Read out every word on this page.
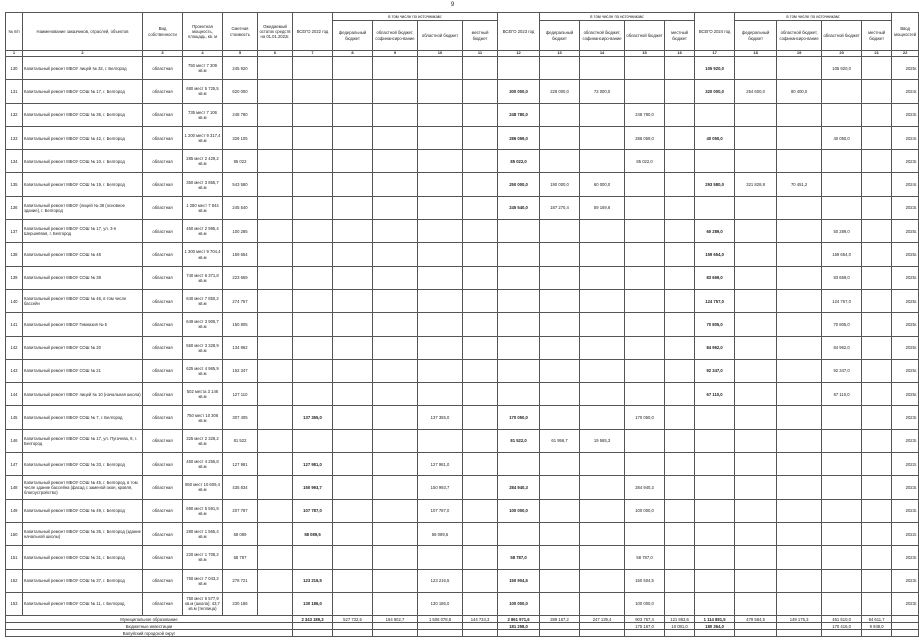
9
№ п/п	Наименование заказчиков, отраслей, объектов	Вид собственности	Проектная мощность, площадь, кв. м	Сметная стоимость	Ожидаемый остаток средств на 01.01.2022г.	ВСЕГО 2022 год	в том числе по источникам:				ВСЕГО 2023 год	в том числе по источникам:				ВСЕГО 2024 год	в том числе по источникам:				Ввод мощностей
							федеральный бюджет	областной бюджет, софинансиро-вание	областной бюджет	местный бюджет		федеральный бюджет	областной бюджет, софинансиро-вание	областной бюджет	местный бюджет		федеральный бюджет	областной бюджет, софинансиро-вание	областной бюджет	местный бюджет	
1	2	3	4	5	6	7	8	9	10	11	12	13	14	15	16	17	18	19	20	21	22
130	Капитальный ремонт МБОУ лицей № 32, г. Белгород	областная	750 мест 7 309 кв.м	245 920												105 920,0			105 920,0		2025г.
131	Капитальный ремонт МБОУ СОШ № 17, г. Белгород	областная	680 мест 5 725,5 кв.м	620 000							300 000,0	228 000,0	72 000,0			320 000,0	254 600,0	80 400,0			2024г.
132	Капитальный ремонт МБОУ СОШ № 36, г. Белгород	областная	735 мест 7 106 кв.м	248 780							248 780,0			248 780,0							2023г.
133	Капитальный ремонт МБОУ СОШ № 42, г. Белгород	областная	1 200 мест 9 317,4 кв.м	326 105							286 059,0			286 059,0		40 050,0			40 050,0		2024г.
134	Капитальный ремонт МБОУ СОШ № 10, г. Белгород	областная	285 мест 2 429,2 кв.м	85 022							85 022,0			85 022,0							2023г.
135	Капитальный ремонт МБОУ СОШ № 19, г. Белгород	областная	350 мест 3 855,7 кв.м	543 580							250 000,0	190 000,0	60 000,0			293 580,0	321 828,8	70 451,2			2024г.
136	Капитальный ремонт МБОУ (лицей № 38 (основное здание), г. Белгород	областная	1 280 мест 7 844 кв.м	245 540							245 540,0	187 270,4	59 169,6								2023г.
137	Капитальный ремонт МБОУ СОШ № 17, ул. 3-я Шершнёвая, г. Белгород	областная	450 мест 2 995,4 кв.м	100 285												60 289,0			50 289,0		2025г.
138	Капитальный ремонт МБОУ СОШ № 48	областная	1 300 мест 9 704,4 кв.м	159 654												159 654,0			159 654,0		2025г.
139	Капитальный ремонт МБОУ СОШ № 39	областная	740 мест 6 371,8 кв.м	223 669												83 669,0			83 669,0		2025г.
140	Капитальный ремонт МБОУ СОШ № 46, в том числе бассейн	областная	640 мест 7 850,2 кв.м	274 757												124 757,0			124 757,0		2025г.
141	Капитальный ремонт МБОУ Гимназия № 5	областная	649 мест 3 906,7 кв.м	150 805												70 805,0			70 805,0		2025г.
142	Капитальный ремонт МБОУ СОШ № 20	областная	560 мест 3 328,9 кв.м	134 962												84 962,0			84 962,0		2025г.
143	Капитальный ремонт МБОУ СОШ № 21	областная	625 мест 4 965,9 кв.м	152 347												92 347,0			92 347,0		2025г.
144	Капитальный ремонт МБОУ лицей № 10 (начальная школа)	областная	502 места 3 146 кв.м	127 110												67 110,0			67 110,0		2025г.
145	Капитальный ремонт МБОУ СОШ № 7, г. Белгород	областная	750 мест 10 306 кв.м	307 405		137 355,0			137 355,0		170 050,0			170 050,0							2023г.
146	Капитальный ремонт МБОУ СОШ № 17, ул. Пугачева, 9, г. Белгород	областная	325 мест 2 328,2 кв.м	81 522							81 522,0	61 956,7	19 565,3								2023г.
147	Капитальный ремонт МБОУ СОШ № 33, г. Белгород	областная	450 мест 4 255,8 кв.м	127 981		127 981,0			127 981,0												2022г.
148	Капитальный ремонт МБОУ СОШ № 45, г. Белгород, в том числе здание бассейна (фасад с заменой окон, кровля, благоустройство)	областная	850 мест 10 609,4 кв.м	435 834		150 993,7			150 993,7		284 940,3			284 940,3							2023г.
149	Капитальный ремонт МБОУ СОШ № 49, г. Белгород	областная	690 мест 5 591,9 кв.м	207 787		107 787,0			107 787,0		100 000,0			100 000,0							2023г.
150	Капитальный ремонт МБОУ СОШ № 35, г. Белгород (здание начальной школы)	областная	280 мест 1 565,4 кв.м	58 089		58 089,5			58 089,5												2022г.
151	Капитальный ремонт МБОУ СОШ № 31, г. Белгород	областная	220 мест 1 708,2 кв.м	58 787							58 787,0			58 787,0							2023г.
152	Капитальный ремонт МБОУ СОШ № 37, г. Белгород	областная	750 мест 7 043,2 кв.м	278 721		123 216,5			123 216,5		150 904,5			150 504,5							2023г.
153	Капитальный ремонт МБОУ СОШ № 11, г. Белгород	областная	750 мест 6 577,9 кв.м (школа); 43,7 кв.м (теплица)	230 186		130 186,0			130 186,0		100 000,0			100 000,0							2023г.
Муниципальное образование						2 343 189,3	527 732,5	164 902,7	1 506 078,8	144 734,3	2 861 971,6	289 167,2	247 139,4	903 767,4	121 863,6	1 114 881,5	479 584,5	149 175,3	461 510,0	84 611,7	
Бюджетные инвестиции											181 258,0			175 167,0	10 081,0	180 364,0			170 416,0	9 948,0	
Валуйский городской округ																					
